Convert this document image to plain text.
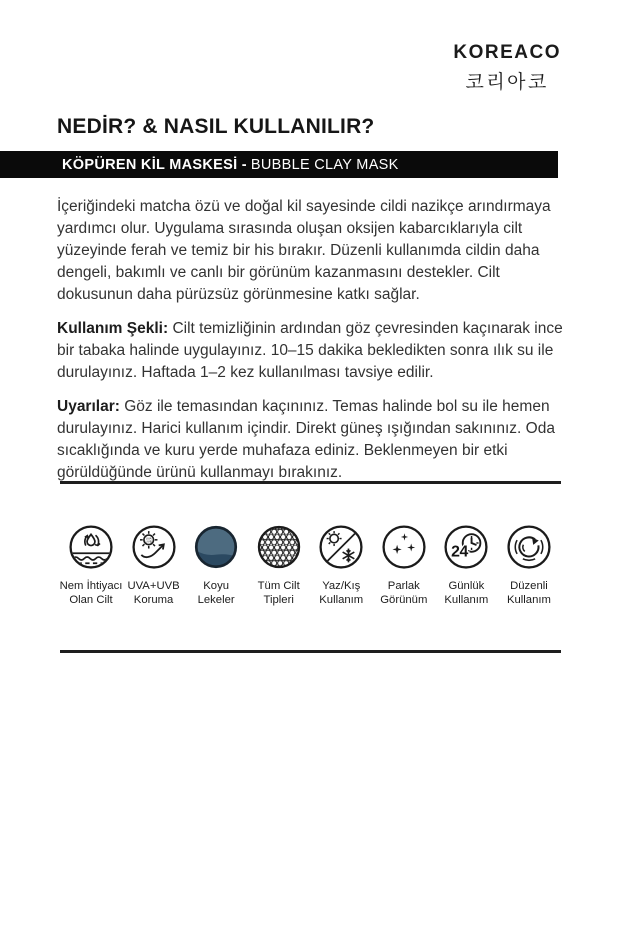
KOREACO
코리아코
NEDİR? & NASIL KULLANILIR?
KÖPÜREN KİL MASKESİ - BUBBLE CLAY MASK

İçeriğindeki matcha özü ve doğal kil sayesinde cildi nazikçe arındırmaya yardımcı olur. Uygulama sırasında oluşan oksijen kabarcıklarıyla cilt yüzeyinde ferah ve temiz bir his bırakır. Düzenli kullanımda cildin daha dengeli, bakımlı ve canlı bir görünüm kazanmasını destekler. Cilt dokusunun daha pürüzsüz görünmesine katkı sağlar.

Kullanım Şekli: Cilt temizliğinin ardından göz çevresinden kaçınarak ince bir tabaka halinde uygulayınız. 10–15 dakika bekledikten sonra ılık su ile durulayınız. Haftada 1–2 kez kullanılması tavsiye edilir.

Uyarılar: Göz ile temasından kaçınınız. Temas halinde bol su ile hemen durulayınız. Harici kullanım içindir. Direkt güneş ışığından sakınınız. Oda sıcaklığında ve kuru yerde muhafaza ediniz. Beklenmeyen bir etki görüldüğünde ürünü kullanmayı bırakınız.

Nem İhtiyacı
Olan Cilt
UVA
UVB
UVA+UVB
Koruma
Koyu
Lekeler
Tüm Cilt
Tipleri
Yaz/Kış
Kullanım
Parlak
Görünüm
24
Günlük
Kullanım
Düzenli
Kullanım
